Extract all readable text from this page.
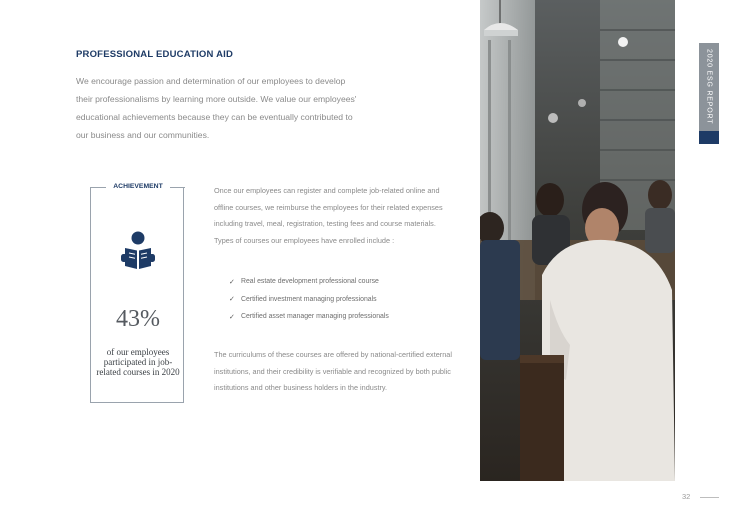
PROFESSIONAL EDUCATION AID
We encourage passion and determination of our employees to develop their professionalisms by learning more outside. We value our employees' educational achievements because they can be eventually contributed to our business and our communities.
ACHIEVEMENT
43%
of our employees participated in job-related courses in 2020
Once our employees can register and complete job-related online and offline courses, we reimburse the employees for their related expenses including travel, meal, registration, testing fees and course materials. Types of courses our employees have enrolled include :
✓ Real estate development professional course
✓ Certified investment managing professionals
✓ Certified asset manager managing professionals
The curriculums of these courses are offered by national-certified external institutions, and their credibility is verifiable and recognized by both public institutions and other business holders in the industry.
2020 ESG REPORT
32
